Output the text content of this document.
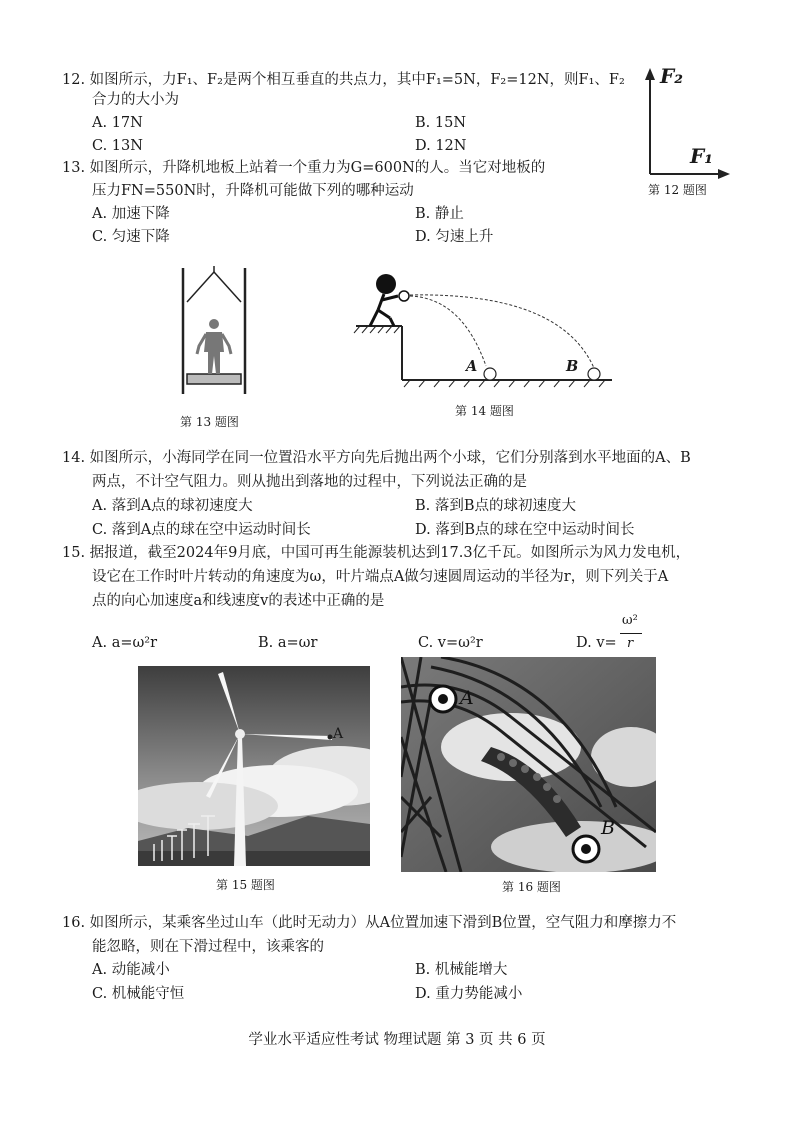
12. 如图所示，力F₁、F₂是两个相互垂直的共点力，其中F₁=5N，F₂=12N，则F₁、F₂
合力的大小为
A. 17N	B. 15N
C. 13N	D. 12N
F₂
F₁
第 12 题图
13. 如图所示，升降机地板上站着一个重力为G=600N的人。当它对地板的
压力FN=550N时，升降机可能做下列的哪种运动
A. 加速下降	B. 静止
C. 匀速下降	D. 匀速上升
第 13 题图
A	B
第 14 题图
14. 如图所示，小海同学在同一位置沿水平方向先后抛出两个小球，它们分别落到水平地面的A、B
两点，不计空气阻力。则从抛出到落地的过程中，下列说法正确的是
A. 落到A点的球初速度大	B. 落到B点的球初速度大
C. 落到A点的球在空中运动时间长	D. 落到B点的球在空中运动时间长
15. 据报道，截至2024年9月底，中国可再生能源装机达到17.3亿千瓦。如图所示为风力发电机，
设它在工作时叶片转动的角速度为ω，叶片端点A做匀速圆周运动的半径为r，则下列关于A
点的向心加速度a和线速度v的表述中正确的是
A. a=ω²r	B. a=ωr	C. v=ω²r	D. v=
ω²
r
A
第 15 题图
A
B
第 16 题图
16. 如图所示，某乘客坐过山车（此时无动力）从A位置加速下滑到B位置，空气阻力和摩擦力不
能忽略，则在下滑过程中，该乘客的
A. 动能减小	B. 机械能增大
C. 机械能守恒	D. 重力势能减小
学业水平适应性考试 物理试题 第 3 页 共 6 页
